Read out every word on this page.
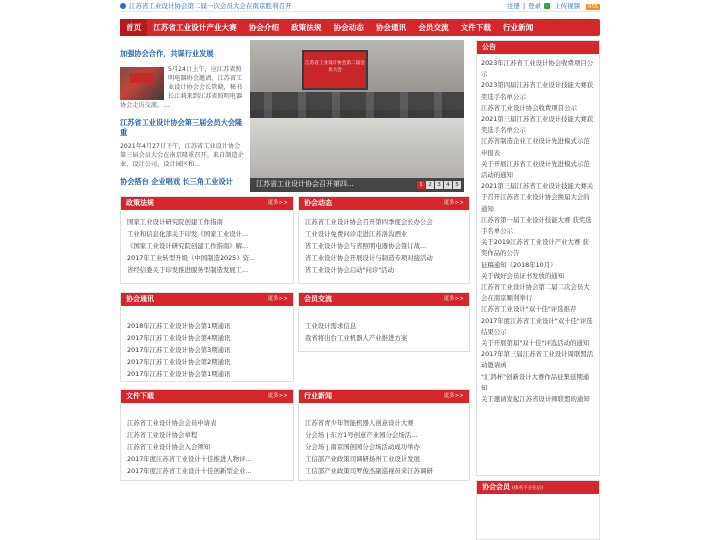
江苏省工业设计协会第二届一次会员大会在南京胜利召开	注册 | 登录 上传视频 RSS
首页	江苏省工业设计产业大赛	协会介绍	政策法规	协会动态	协会通讯	会员交流	文件下载	行业新闻
加强协会合作，共谋行业发展
5月24日上午，应江苏省照明电器协会邀请，江苏省工业设计协会会长管晓，秘书长江莉来到江苏省照明电器协会走访交流。...
江苏省工业设计协会第三届会员大会隆重
2021年4月27日下午，江苏省工业设计协会第三届会员大会在南京隆重召开。来自制造企业、设计公司、设计园区和...
协会搭台 企业唱戏 长三角工业设计
江苏省工业设计协会第二届会员大会
江苏省工业设计协会召开第四...	1 2 3 4 5
政策法规	更多>>
国家工业设计研究院创建工作指南
工业和信息化部关于印发《国家工业设计...
《国家工业设计研究院创建工作指南》解...
2017年工业转型升级（中国制造2025）资...
省经信委关于印发推进服务型制造发展工...
协会动态	更多>>
江苏省工业设计协会召开第四季度会长办公会
工业设计免费问诊走进江苏洛沟酒业
省工业设计协会与省照明电器协会签订战...
省工业设计协会开展设计与制造专项对接活动
省工业设计协会启动"问诊"活动
协会通讯	更多>>
2018年江苏工业设计协会第1期通讯
2017年江苏工业设计协会第4期通讯
2017年江苏工业设计协会第3期通讯
2017年江苏工业设计协会第2期通讯
2017年江苏工业设计协会第1期通讯
会员交流	更多>>
工业设计需求信息
我省将出台工业机器人产业推进方案
文件下载	更多>>
江苏省工业设计协会会员申请表
江苏省工业设计协会章程
江苏省工业设计协会入会须知
2017年度江苏省工业设计十佳推进人物评...
2017年度江苏省工业设计十佳创新型企业...
行业新闻	更多>>
江苏省青少年智能机器人创意设计大赛
分会场 | 东方1号创意产业园分会场活...
分会场 | 南京国创园分会场活动成功举办
工信部产业政策司调研扬州工业设计发展
工信部产业政策司罗俊杰副巡视员来江苏调研
公告

2023年江苏省工业设计协会收费项目公示

2023第四届江苏省工业设计技能大赛获奖选手名单公示

江苏省工业设计协会收费项目公示

2021第三届江苏省工业设计技能大赛获奖选手名单公示

江苏省制造企业工业设计先进模式示范申报表

关于开展江苏省工业设计先进模式示范活动的通知

2021第三届江苏省工业设计技能大赛关于召开江苏省工业设计协会换届大会的通知

江苏省第一届工业设计技能大赛 获奖选手名单公示

关于2019江苏省工业设计产业大赛 获奖作品的公告

征稿通知（2018年10月）

关于做好会员证书发放的通知

江苏省工业设计协会第二届二次会员大会在南京顺利举行

江苏省工业设计"双十佳"评选推荐

2017年度江苏省工业设计"双十佳"评选结果公示

关于开展第届"双十佳"评选活动的通知

2017年第三届江苏省工业设计周联盟活动邀请函

"汇鸿杯"创新设计大赛作品征集延期通知

关于邀请发起江苏省设计师联盟的通知

协会会员 (排名不分先后)
